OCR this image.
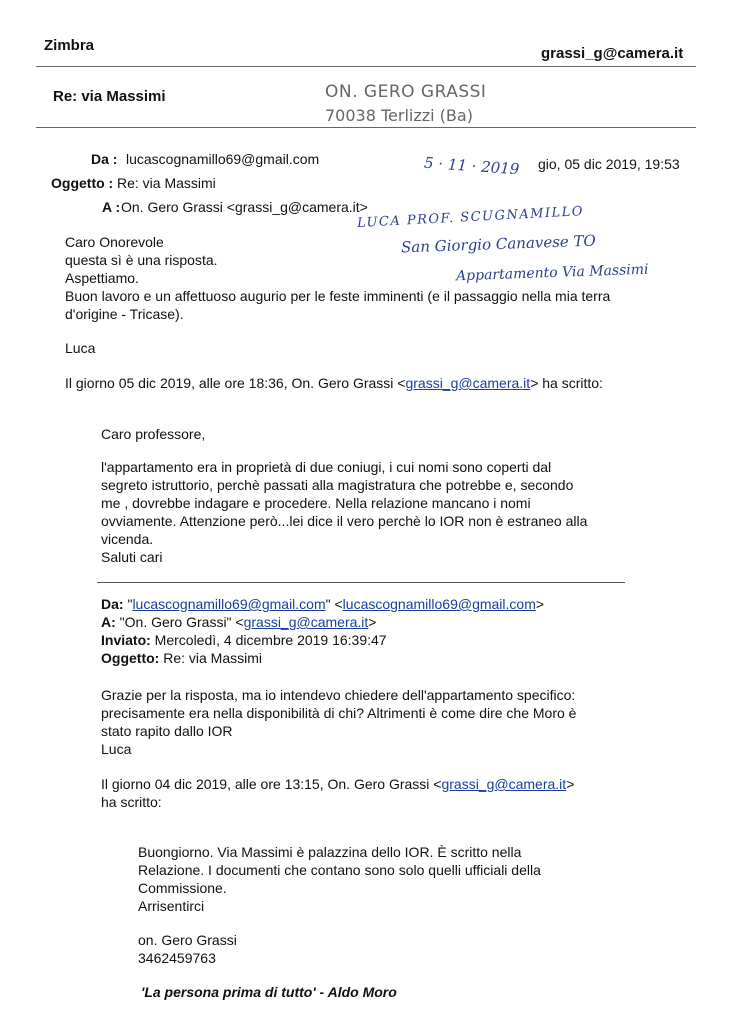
Zimbra	grassi_g@camera.it
Re: via Massimi	ON. GERO GRASSI
70038 Terlizzi (Ba)
Da : lucascognamillo69@gmail.com	gio, 05 dic 2019, 19:53
Oggetto : Re: via Massimi
A : On. Gero Grassi <grassi_g@camera.it>
5 · 11 · 2019
LUCA PROF. SCUGNAMILLO
San Giorgio Canavese TO
Appartamento Via Massimi
Caro Onorevole
questa sì è una risposta.
Aspettiamo.
Buon lavoro e un affettuoso augurio per le feste imminenti (e il passaggio nella mia terra
d'origine - Tricase).
Luca
Il giorno 05 dic 2019, alle ore 18:36, On. Gero Grassi <grassi_g@camera.it> ha scritto:
Caro professore,
l'appartamento era in proprietà di due coniugi, i cui nomi sono coperti dal
segreto istruttorio, perchè passati alla magistratura che potrebbe e, secondo
me , dovrebbe indagare e procedere. Nella relazione mancano i nomi
ovviamente. Attenzione però...lei dice il vero perchè lo IOR non è estraneo alla
vicenda.
Saluti cari
Da: "lucascognamillo69@gmail.com" <lucascognamillo69@gmail.com>
A: "On. Gero Grassi" <grassi_g@camera.it>
Inviato: Mercoledì, 4 dicembre 2019 16:39:47
Oggetto: Re: via Massimi
Grazie per la risposta, ma io intendevo chiedere dell'appartamento specifico:
precisamente era nella disponibilità di chi? Altrimenti è come dire che Moro è
stato rapito dallo IOR
Luca
Il giorno 04 dic 2019, alle ore 13:15, On. Gero Grassi <grassi_g@camera.it>
ha scritto:
Buongiorno. Via Massimi è palazzina dello IOR. È scritto nella
Relazione. I documenti che contano sono solo quelli ufficiali della
Commissione.
Arrisentirci
on. Gero Grassi
3462459763
'La persona prima di tutto' - Aldo Moro
